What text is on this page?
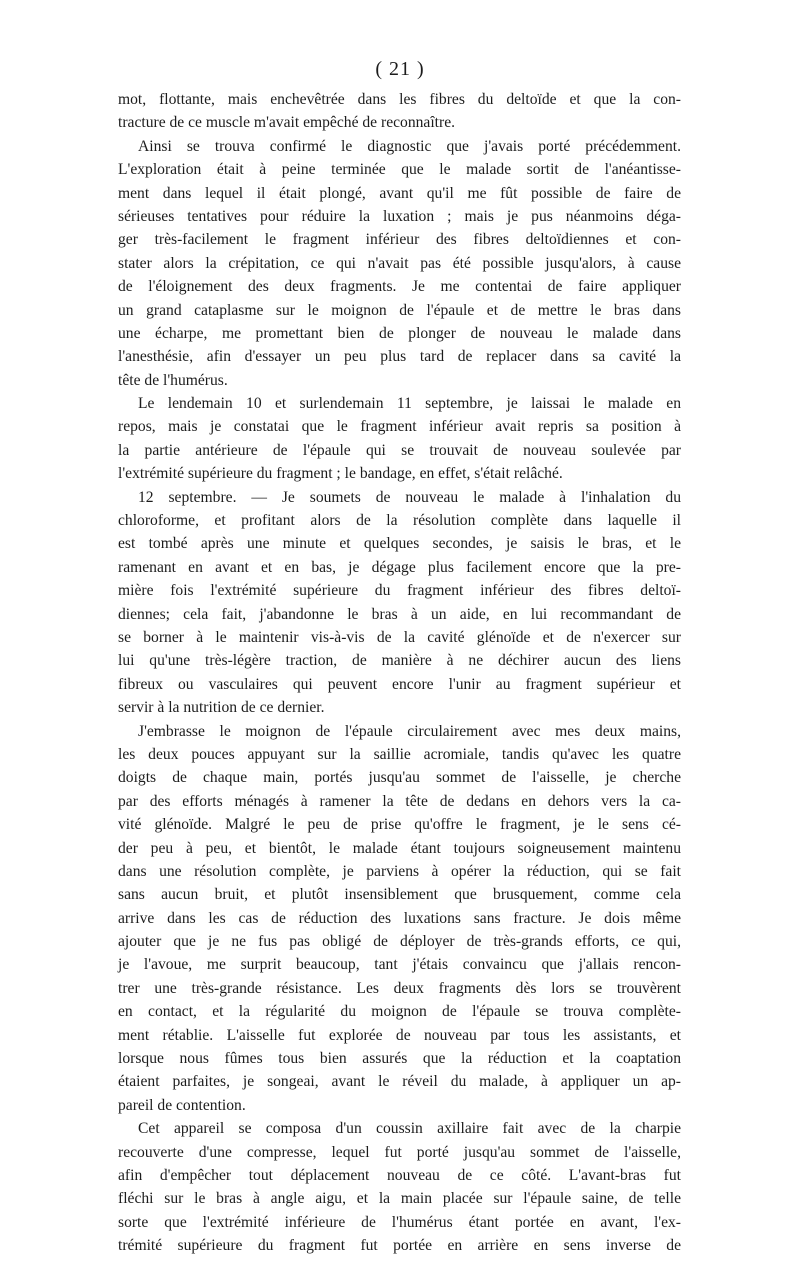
( 21 )
mot, flottante, mais enchevêtrée dans les fibres du deltoïde et que la con-
tracture de ce muscle m'avait empêché de reconnaître.
Ainsi se trouva confirmé le diagnostic que j'avais porté précédemment.
L'exploration était à peine terminée que le malade sortit de l'anéantisse-
ment dans lequel il était plongé, avant qu'il me fût possible de faire de
sérieuses tentatives pour réduire la luxation ; mais je pus néanmoins déga-
ger très-facilement le fragment inférieur des fibres deltoïdiennes et con-
stater alors la crépitation, ce qui n'avait pas été possible jusqu'alors, à cause
de l'éloignement des deux fragments. Je me contentai de faire appliquer
un grand cataplasme sur le moignon de l'épaule et de mettre le bras dans
une écharpe, me promettant bien de plonger de nouveau le malade dans
l'anesthésie, afin d'essayer un peu plus tard de replacer dans sa cavité la
tête de l'humérus.
Le lendemain 10 et surlendemain 11 septembre, je laissai le malade en
repos, mais je constatai que le fragment inférieur avait repris sa position à
la partie antérieure de l'épaule qui se trouvait de nouveau soulevée par
l'extrémité supérieure du fragment ; le bandage, en effet, s'était relâché.
12 septembre. — Je soumets de nouveau le malade à l'inhalation du
chloroforme, et profitant alors de la résolution complète dans laquelle il
est tombé après une minute et quelques secondes, je saisis le bras, et le
ramenant en avant et en bas, je dégage plus facilement encore que la pre-
mière fois l'extrémité supérieure du fragment inférieur des fibres deltoï-
diennes; cela fait, j'abandonne le bras à un aide, en lui recommandant de
se borner à le maintenir vis-à-vis de la cavité glénoïde et de n'exercer sur
lui qu'une très-légère traction, de manière à ne déchirer aucun des liens
fibreux ou vasculaires qui peuvent encore l'unir au fragment supérieur et
servir à la nutrition de ce dernier.
J'embrasse le moignon de l'épaule circulairement avec mes deux mains,
les deux pouces appuyant sur la saillie acromiale, tandis qu'avec les quatre
doigts de chaque main, portés jusqu'au sommet de l'aisselle, je cherche
par des efforts ménagés à ramener la tête de dedans en dehors vers la ca-
vité glénoïde. Malgré le peu de prise qu'offre le fragment, je le sens cé-
der peu à peu, et bientôt, le malade étant toujours soigneusement maintenu
dans une résolution complète, je parviens à opérer la réduction, qui se fait
sans aucun bruit, et plutôt insensiblement que brusquement, comme cela
arrive dans les cas de réduction des luxations sans fracture. Je dois même
ajouter que je ne fus pas obligé de déployer de très-grands efforts, ce qui,
je l'avoue, me surprit beaucoup, tant j'étais convaincu que j'allais rencon-
trer une très-grande résistance. Les deux fragments dès lors se trouvèrent
en contact, et la régularité du moignon de l'épaule se trouva complète-
ment rétablie. L'aisselle fut explorée de nouveau par tous les assistants, et
lorsque nous fûmes tous bien assurés que la réduction et la coaptation
étaient parfaites, je songeai, avant le réveil du malade, à appliquer un ap-
pareil de contention.
Cet appareil se composa d'un coussin axillaire fait avec de la charpie
recouverte d'une compresse, lequel fut porté jusqu'au sommet de l'aisselle,
afin d'empêcher tout déplacement nouveau de ce côté. L'avant-bras fut
fléchi sur le bras à angle aigu, et la main placée sur l'épaule saine, de telle
sorte que l'extrémité inférieure de l'humérus étant portée en avant, l'ex-
trémité supérieure du fragment fut portée en arrière en sens inverse de
